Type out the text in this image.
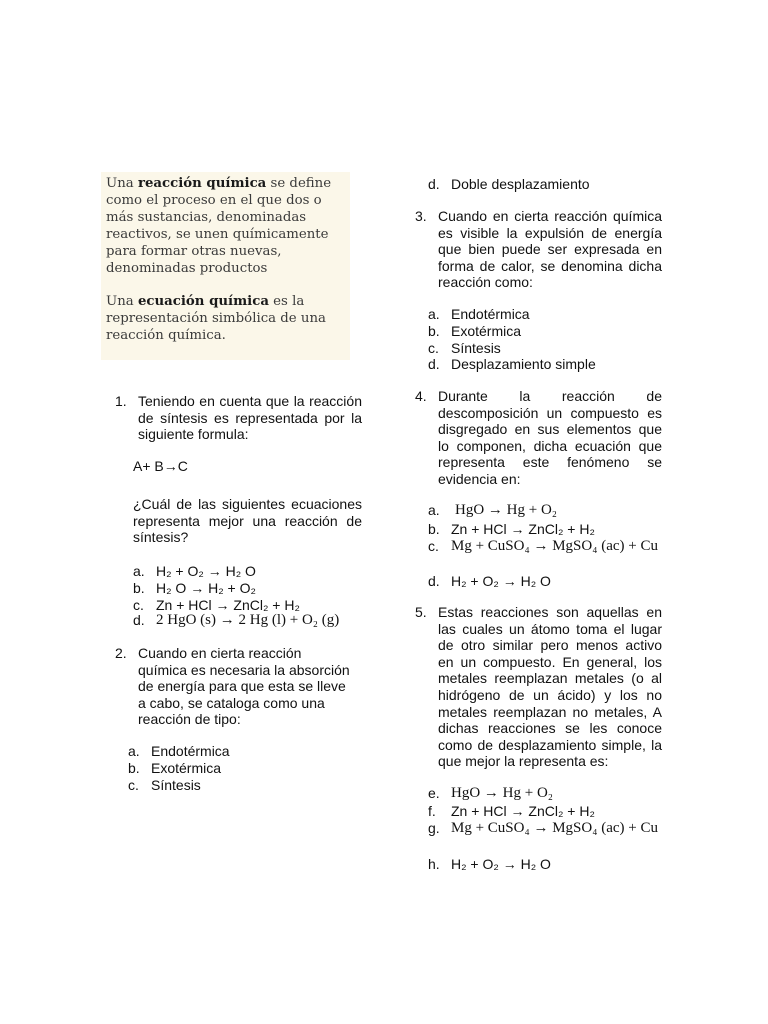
Una reacción química se define como el proceso en el que dos o más sustancias, denominadas reactivos, se unen químicamente para formar otras nuevas, denominadas productos

Una ecuación química es la representación simbólica de una reacción química.

1. Teniendo en cuenta que la reacción de síntesis es representada por la siguiente formula:
A+ B→C
¿Cuál de las siguientes ecuaciones representa mejor una reacción de síntesis?
a. H₂ + O₂ → H₂ O
b. H₂ O → H₂ + O₂
c. Zn + HCl → ZnCl₂ + H₂
d. 2 HgO (s) → 2 Hg (l) + O₂ (g)
2. Cuando en cierta reacción química es necesaria la absorción de energía para que esta se lleve a cabo, se cataloga como una reacción de tipo:
a. Endotérmica
b. Exotérmica
c. Síntesis
d. Doble desplazamiento
3. Cuando en cierta reacción química es visible la expulsión de energía que bien puede ser expresada en forma de calor, se denomina dicha reacción como:
a. Endotérmica
b. Exotérmica
c. Síntesis
d. Desplazamiento simple
4. Durante la reacción de descomposición un compuesto es disgregado en sus elementos que lo componen, dicha ecuación que representa este fenómeno se evidencia en:
a. HgO → Hg + O₂
b. Zn + HCl → ZnCl₂ + H₂
c. Mg + CuSO₄ → MgSO₄ (ac) + Cu
d. H₂ + O₂ → H₂ O
5. Estas reacciones son aquellas en las cuales un átomo toma el lugar de otro similar pero menos activo en un compuesto. En general, los metales reemplazan metales (o al hidrógeno de un ácido) y los no metales reemplazan no metales, A dichas reacciones se les conoce como de desplazamiento simple, la que mejor la representa es:
e. HgO → Hg + O₂
f. Zn + HCl → ZnCl₂ + H₂
g. Mg + CuSO₄ → MgSO₄ (ac) + Cu
h. H₂ + O₂ → H₂ O
